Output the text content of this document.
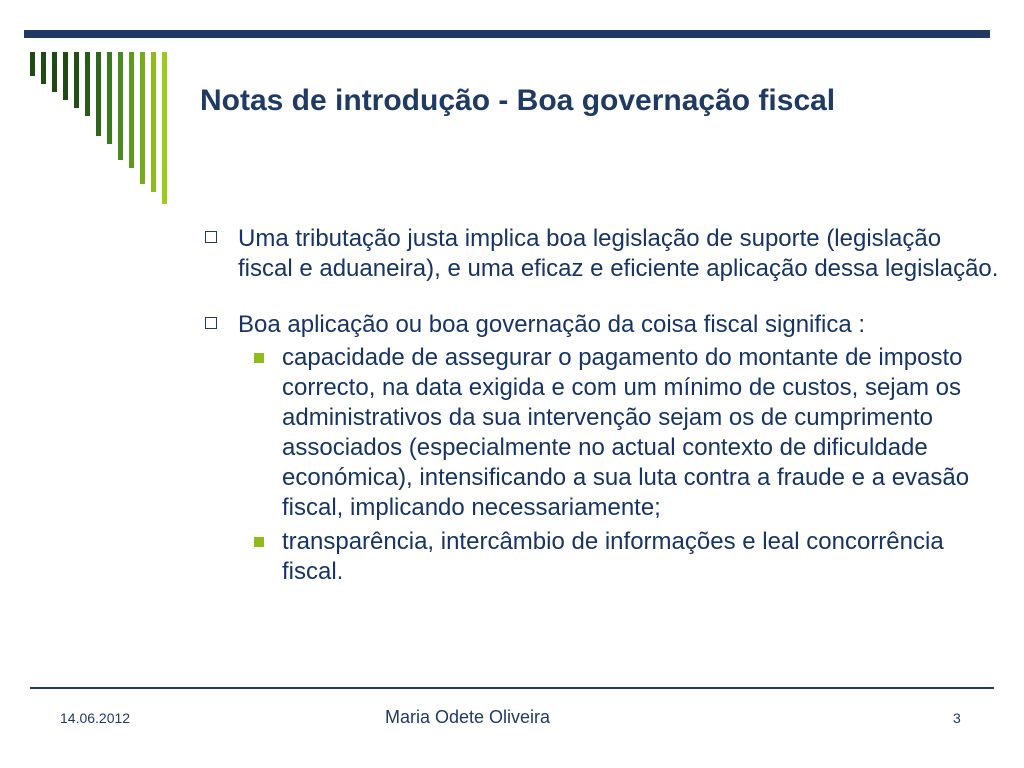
Notas de introdução - Boa governação fiscal
Uma tributação justa implica boa legislação de suporte (legislação fiscal e aduaneira), e uma eficaz e eficiente aplicação dessa legislação.
Boa aplicação ou boa governação da coisa fiscal significa :
capacidade de assegurar o pagamento do montante de imposto correcto, na data exigida e com um mínimo de custos, sejam os administrativos da sua intervenção sejam os de cumprimento associados (especialmente no actual contexto de dificuldade económica), intensificando a sua luta contra a fraude e a evasão fiscal, implicando necessariamente;
transparência, intercâmbio de informações e leal concorrência fiscal.
14.06.2012	Maria Odete Oliveira	3
